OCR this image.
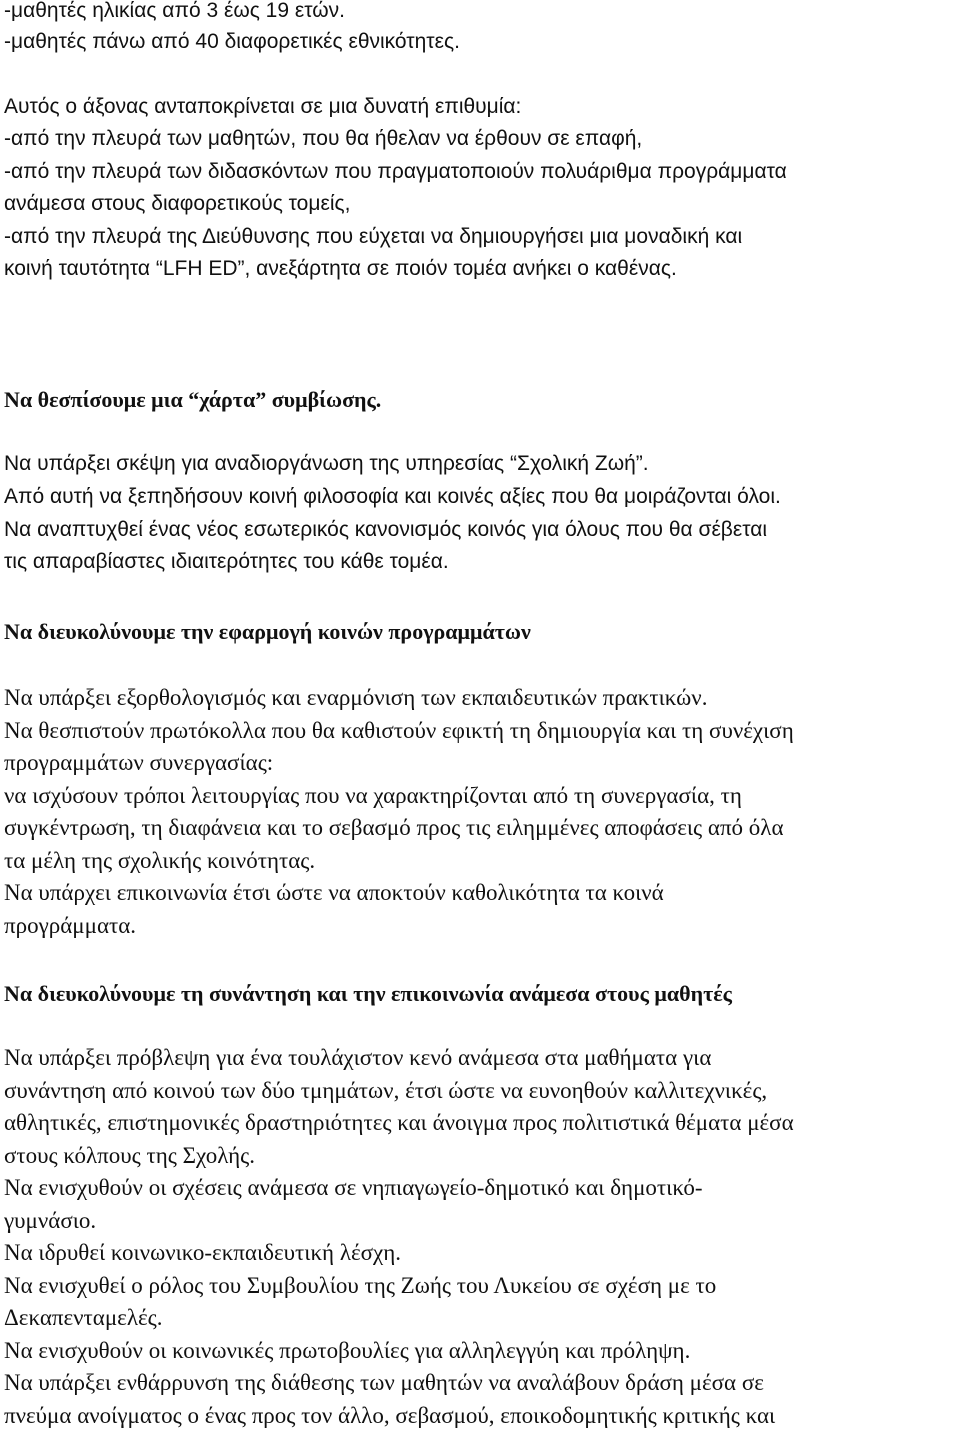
-μαθητές ηλικίας από 3 έως 19 ετών.

-μαθητές πάνω από 40 διαφορετικές εθνικότητες.

Αυτός ο άξονας ανταποκρίνεται σε μια δυνατή επιθυμία:

-από την πλευρά των μαθητών, που θα ήθελαν να έρθουν σε επαφή,

-από την πλευρά των διδασκόντων που πραγματοποιούν πολυάριθμα προγράμματα

ανάμεσα στους διαφορετικούς τομείς,

-από την πλευρά της Διεύθυνσης που εύχεται να δημιουργήσει μια μοναδική και

κοινή ταυτότητα “LFH ED”, ανεξάρτητα σε ποιόν τομέα ανήκει ο καθένας.

Να θεσπίσουμε μια “χάρτα” συμβίωσης.

Να υπάρξει σκέψη για αναδιοργάνωση της υπηρεσίας “Σχολική Ζωή”.

Από αυτή να ξεπηδήσουν κοινή φιλοσοφία και κοινές αξίες που θα μοιράζονται όλοι.

Να αναπτυχθεί ένας νέος εσωτερικός κανονισμός κοινός για όλους που θα σέβεται

τις απαραβίαστες ιδιαιτερότητες του κάθε τομέα.

Να διευκολύνουμε την εφαρμογή κοινών προγραμμάτων

Να υπάρξει εξορθολογισμός και εναρμόνιση των εκπαιδευτικών πρακτικών.

Να θεσπιστούν πρωτόκολλα που θα καθιστούν εφικτή τη δημιουργία και τη συνέχιση

προγραμμάτων συνεργασίας:

να ισχύσουν τρόποι λειτουργίας που να χαρακτηρίζονται από τη συνεργασία, τη

συγκέντρωση, τη διαφάνεια και το σεβασμό προς τις ειλημμένες αποφάσεις από όλα

τα μέλη της σχολικής κοινότητας.

Να υπάρχει επικοινωνία έτσι ώστε να αποκτούν καθολικότητα τα κοινά

προγράμματα.

Να διευκολύνουμε τη συνάντηση και την επικοινωνία ανάμεσα στους μαθητές

Να υπάρξει πρόβλεψη για ένα τουλάχιστον κενό ανάμεσα στα μαθήματα για

συνάντηση από κοινού των δύο τμημάτων, έτσι ώστε να ευνοηθούν καλλιτεχνικές,

αθλητικές, επιστημονικές δραστηριότητες και άνοιγμα προς πολιτιστικά θέματα μέσα

στους κόλπους της Σχολής.

Να ενισχυθούν οι σχέσεις ανάμεσα σε νηπιαγωγείο-δημοτικό και δημοτικό-

γυμνάσιο.

Να ιδρυθεί κοινωνικο-εκπαιδευτική λέσχη.

Να ενισχυθεί ο ρόλος του Συμβουλίου της Ζωής του Λυκείου σε σχέση με το

Δεκαπενταμελές.

Να ενισχυθούν οι κοινωνικές πρωτοβουλίες για αλληλεγγύη και πρόληψη.

Να υπάρξει ενθάρρυνση της διάθεσης των μαθητών να αναλάβουν δράση μέσα σε

πνεύμα ανοίγματος ο ένας προς τον άλλο, σεβασμού, εποικοδομητικής κριτικής και
